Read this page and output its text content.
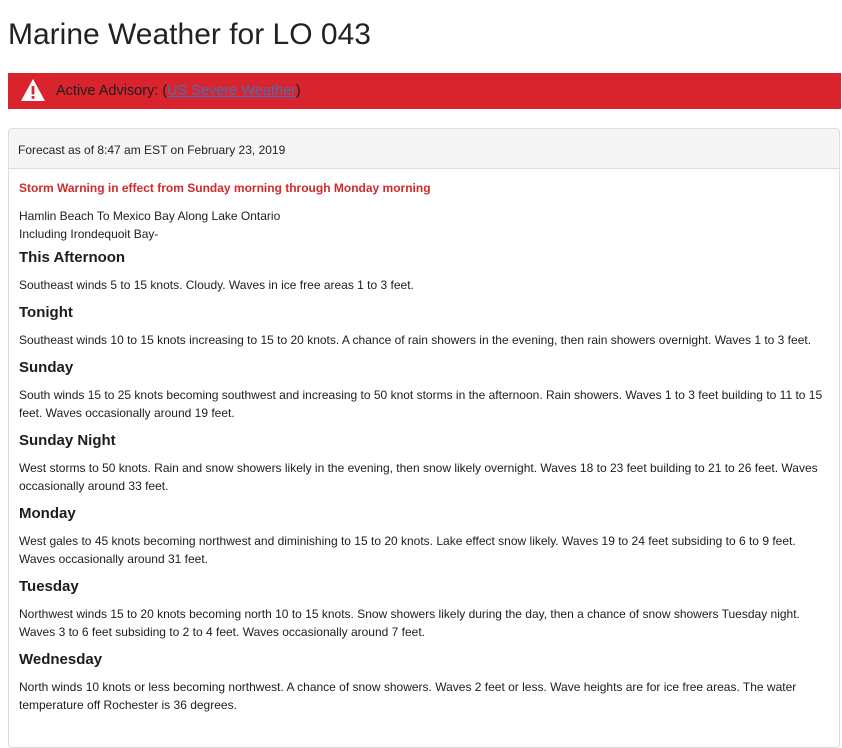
Marine Weather for LO 043
Active Advisory: (US Severe Weather)
Forecast as of 8:47 am EST on February 23, 2019
Storm Warning in effect from Sunday morning through Monday morning
Hamlin Beach To Mexico Bay Along Lake Ontario
Including Irondequoit Bay-
This Afternoon
Southeast winds 5 to 15 knots. Cloudy. Waves in ice free areas 1 to 3 feet.
Tonight
Southeast winds 10 to 15 knots increasing to 15 to 20 knots. A chance of rain showers in the evening, then rain showers overnight. Waves 1 to 3 feet.
Sunday
South winds 15 to 25 knots becoming southwest and increasing to 50 knot storms in the afternoon. Rain showers. Waves 1 to 3 feet building to 11 to 15 feet. Waves occasionally around 19 feet.
Sunday Night
West storms to 50 knots. Rain and snow showers likely in the evening, then snow likely overnight. Waves 18 to 23 feet building to 21 to 26 feet. Waves occasionally around 33 feet.
Monday
West gales to 45 knots becoming northwest and diminishing to 15 to 20 knots. Lake effect snow likely. Waves 19 to 24 feet subsiding to 6 to 9 feet. Waves occasionally around 31 feet.
Tuesday
Northwest winds 15 to 20 knots becoming north 10 to 15 knots. Snow showers likely during the day, then a chance of snow showers Tuesday night. Waves 3 to 6 feet subsiding to 2 to 4 feet. Waves occasionally around 7 feet.
Wednesday
North winds 10 knots or less becoming northwest. A chance of snow showers. Waves 2 feet or less. Wave heights are for ice free areas. The water temperature off Rochester is 36 degrees.
